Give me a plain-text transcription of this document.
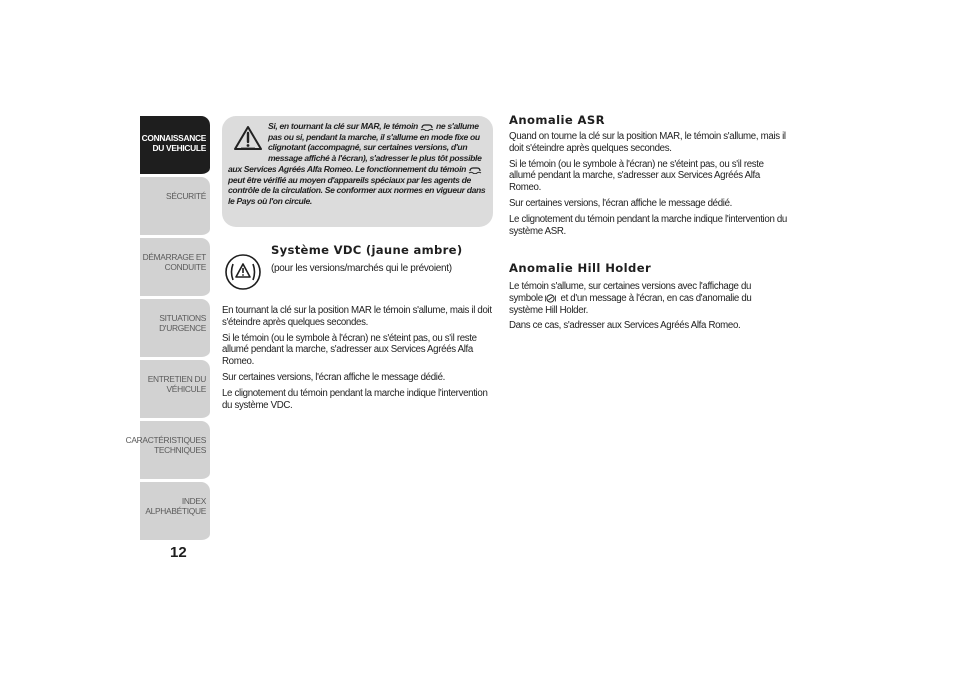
CONNAISSANCE
DU VEHICULE
SÉCURITÉ
DÉMARRAGE ET
CONDUITE
SITUATIONS
D'URGENCE
ENTRETIEN DU
VÉHICULE
CARACTÉRISTIQUES
TECHNIQUES
INDEX
ALPHABÉTIQUE
12
Si, en tournant la clé sur MAR, le témoin ne s'allume pas ou si, pendant la marche, il s'allume en mode fixe ou clignotant (accompagné, sur certaines versions, d'un message affiché à l'écran), s'adresser le plus tôt possible aux Services Agréés Alfa Romeo. Le fonctionnement du témoin  peut être vérifié au moyen d'appareils spéciaux par les agents de contrôle de la circulation. Se conformer aux normes en vigueur dans le Pays où l'on circule.
Système VDC (jaune ambre)
(pour les versions/marchés qui le prévoient)

En tournant la clé sur la position MAR le témoin s'allume, mais il doit s'éteindre après quelques secondes.

Si le témoin (ou le symbole à l'écran) ne s'éteint pas, ou s'il reste allumé pendant la marche, s'adresser aux Services Agréés Alfa Romeo.

Sur certaines versions, l'écran affiche le message dédié.

Le clignotement du témoin pendant la marche indique l'intervention du système VDC.

Anomalie ASR

Quand on tourne la clé sur la position MAR, le témoin s'allume, mais il doit s'éteindre après quelques secondes.

Si le témoin (ou le symbole à l'écran) ne s'éteint pas, ou s'il reste allumé pendant la marche, s'adresser aux Services Agréés Alfa Romeo.

Sur certaines versions, l'écran affiche le message dédié.

Le clignotement du témoin pendant la marche indique l'intervention du système ASR.

Anomalie Hill Holder

Le témoin s'allume, sur certaines versions avec l'affichage du symbole et d'un message à l'écran, en cas d'anomalie du système Hill Holder.

Dans ce cas, s'adresser aux Services Agréés Alfa Romeo.
